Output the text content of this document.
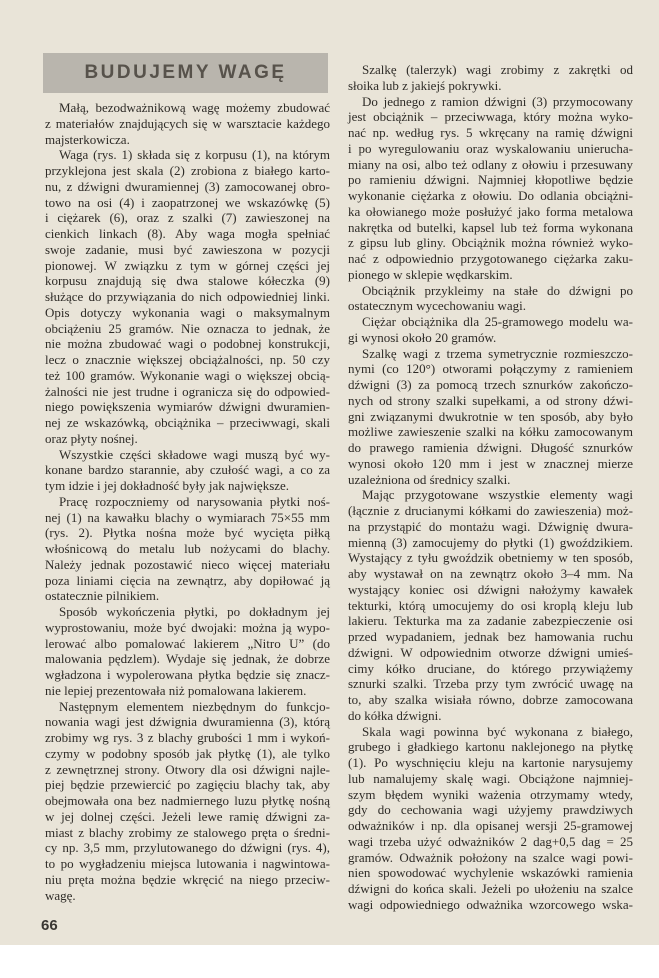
BUDUJEMY WAGĘ
Małą, bezodważnikową wagę możemy zbudować
z materiałów znajdujących się w warsztacie każdego
majsterkowicza.
Waga (rys. 1) składa się z korpusu (1), na którym
przyklejona jest skala (2) zrobiona z białego karto-
nu, z dźwigni dwuramiennej (3) zamocowanej obro-
towo na osi (4) i zaopatrzonej we wskazówkę (5)
i ciężarek (6), oraz z szalki (7) zawieszonej na
cienkich linkach (8). Aby waga mogła spełniać
swoje zadanie, musi być zawieszona w pozycji
pionowej. W związku z tym w górnej części jej
korpusu znajdują się dwa stalowe kółeczka (9)
służące do przywiązania do nich odpowiedniej linki.
Opis dotyczy wykonania wagi o maksymalnym
obciążeniu 25 gramów. Nie oznacza to jednak, że
nie można zbudować wagi o podobnej konstrukcji,
lecz o znacznie większej obciążalności, np. 50 czy
też 100 gramów. Wykonanie wagi o większej obcią-
żalności nie jest trudne i ogranicza się do odpowied-
niego powiększenia wymiarów dźwigni dwuramien-
nej ze wskazówką, obciążnika – przeciwwagi, skali
oraz płyty nośnej.
Wszystkie części składowe wagi muszą być wy-
konane bardzo starannie, aby czułość wagi, a co za
tym idzie i jej dokładność były jak największe.
Pracę rozpoczniemy od narysowania płytki noś-
nej (1) na kawałku blachy o wymiarach 75×55 mm
(rys. 2). Płytka nośna może być wycięta piłką
włośnicową do metalu lub nożycami do blachy.
Należy jednak pozostawić nieco więcej materiału
poza liniami cięcia na zewnątrz, aby dopiłować ją
ostatecznie pilnikiem.
Sposób wykończenia płytki, po dokładnym jej
wyprostowaniu, może być dwojaki: można ją wypo-
lerować albo pomalować lakierem „Nitro U” (do
malowania pędzlem). Wydaje się jednak, że dobrze
wgładzona i wypolerowana płytka będzie się znacz-
nie lepiej prezentowała niż pomalowana lakierem.
Następnym elementem niezbędnym do funkcjo-
nowania wagi jest dźwignia dwuramienna (3), którą
zrobimy wg rys. 3 z blachy grubości 1 mm i wykoń-
czymy w podobny sposób jak płytkę (1), ale tylko
z zewnętrznej strony. Otwory dla osi dźwigni najle-
piej będzie przewiercić po zagięciu blachy tak, aby
obejmowała ona bez nadmiernego luzu płytkę nośną
w jej dolnej części. Jeżeli lewe ramię dźwigni za-
miast z blachy zrobimy ze stalowego pręta o średni-
cy np. 3,5 mm, przylutowanego do dźwigni (rys. 4),
to po wygładzeniu miejsca lutowania i nagwintowa-
niu pręta można będzie wkręcić na niego przeciw-
wagę.
Szalkę (talerzyk) wagi zrobimy z zakrętki od
słoika lub z jakiejś pokrywki.
Do jednego z ramion dźwigni (3) przymocowany
jest obciążnik – przeciwwaga, który można wyko-
nać np. według rys. 5 wkręcany na ramię dźwigni
i po wyregulowaniu oraz wyskalowaniu unierucha-
miany na osi, albo też odlany z ołowiu i przesuwany
po ramieniu dźwigni. Najmniej kłopotliwe będzie
wykonanie ciężarka z ołowiu. Do odlania obciążni-
ka ołowianego może posłużyć jako forma metalowa
nakrętka od butelki, kapsel lub też forma wykonana
z gipsu lub gliny. Obciążnik można również wyko-
nać z odpowiednio przygotowanego ciężarka zaku-
pionego w sklepie wędkarskim.
Obciążnik przykleimy na stałe do dźwigni po
ostatecznym wycechowaniu wagi.
Ciężar obciążnika dla 25-gramowego modelu wa-
gi wynosi około 20 gramów.
Szalkę wagi z trzema symetrycznie rozmieszczo-
nymi (co 120°) otworami połączymy z ramieniem
dźwigni (3) za pomocą trzech sznurków zakończo-
nych od strony szalki supełkami, a od strony dźwi-
gni związanymi dwukrotnie w ten sposób, aby było
możliwe zawieszenie szalki na kółku zamocowanym
do prawego ramienia dźwigni. Długość sznurków
wynosi około 120 mm i jest w znacznej mierze
uzależniona od średnicy szalki.
Mając przygotowane wszystkie elementy wagi
(łącznie z drucianymi kółkami do zawieszenia) moż-
na przystąpić do montażu wagi. Dźwignię dwura-
mienną (3) zamocujemy do płytki (1) gwoździkiem.
Wystający z tyłu gwoździk obetniemy w ten sposób,
aby wystawał on na zewnątrz około 3–4 mm. Na
wystający koniec osi dźwigni nałożymy kawałek
tekturki, którą umocujemy do osi kroplą kleju lub
lakieru. Tekturka ma za zadanie zabezpieczenie osi
przed wypadaniem, jednak bez hamowania ruchu
dźwigni. W odpowiednim otworze dźwigni umieś-
cimy kółko druciane, do którego przywiążemy
sznurki szalki. Trzeba przy tym zwrócić uwagę na
to, aby szalka wisiała równo, dobrze zamocowana
do kółka dźwigni.
Skala wagi powinna być wykonana z białego,
grubego i gładkiego kartonu naklejonego na płytkę
(1). Po wyschnięciu kleju na kartonie narysujemy
lub namalujemy skalę wagi. Obciążone najmniej-
szym błędem wyniki ważenia otrzymamy wtedy,
gdy do cechowania wagi użyjemy prawdziwych
odważników i np. dla opisanej wersji 25-gramowej
wagi trzeba użyć odważników 2 dag+0,5 dag = 25
gramów. Odważnik położony na szalce wagi powi-
nien spowodować wychylenie wskazówki ramienia
dźwigni do końca skali. Jeżeli po ułożeniu na szalce
wagi odpowiedniego odważnika wzorcowego wska-
66
